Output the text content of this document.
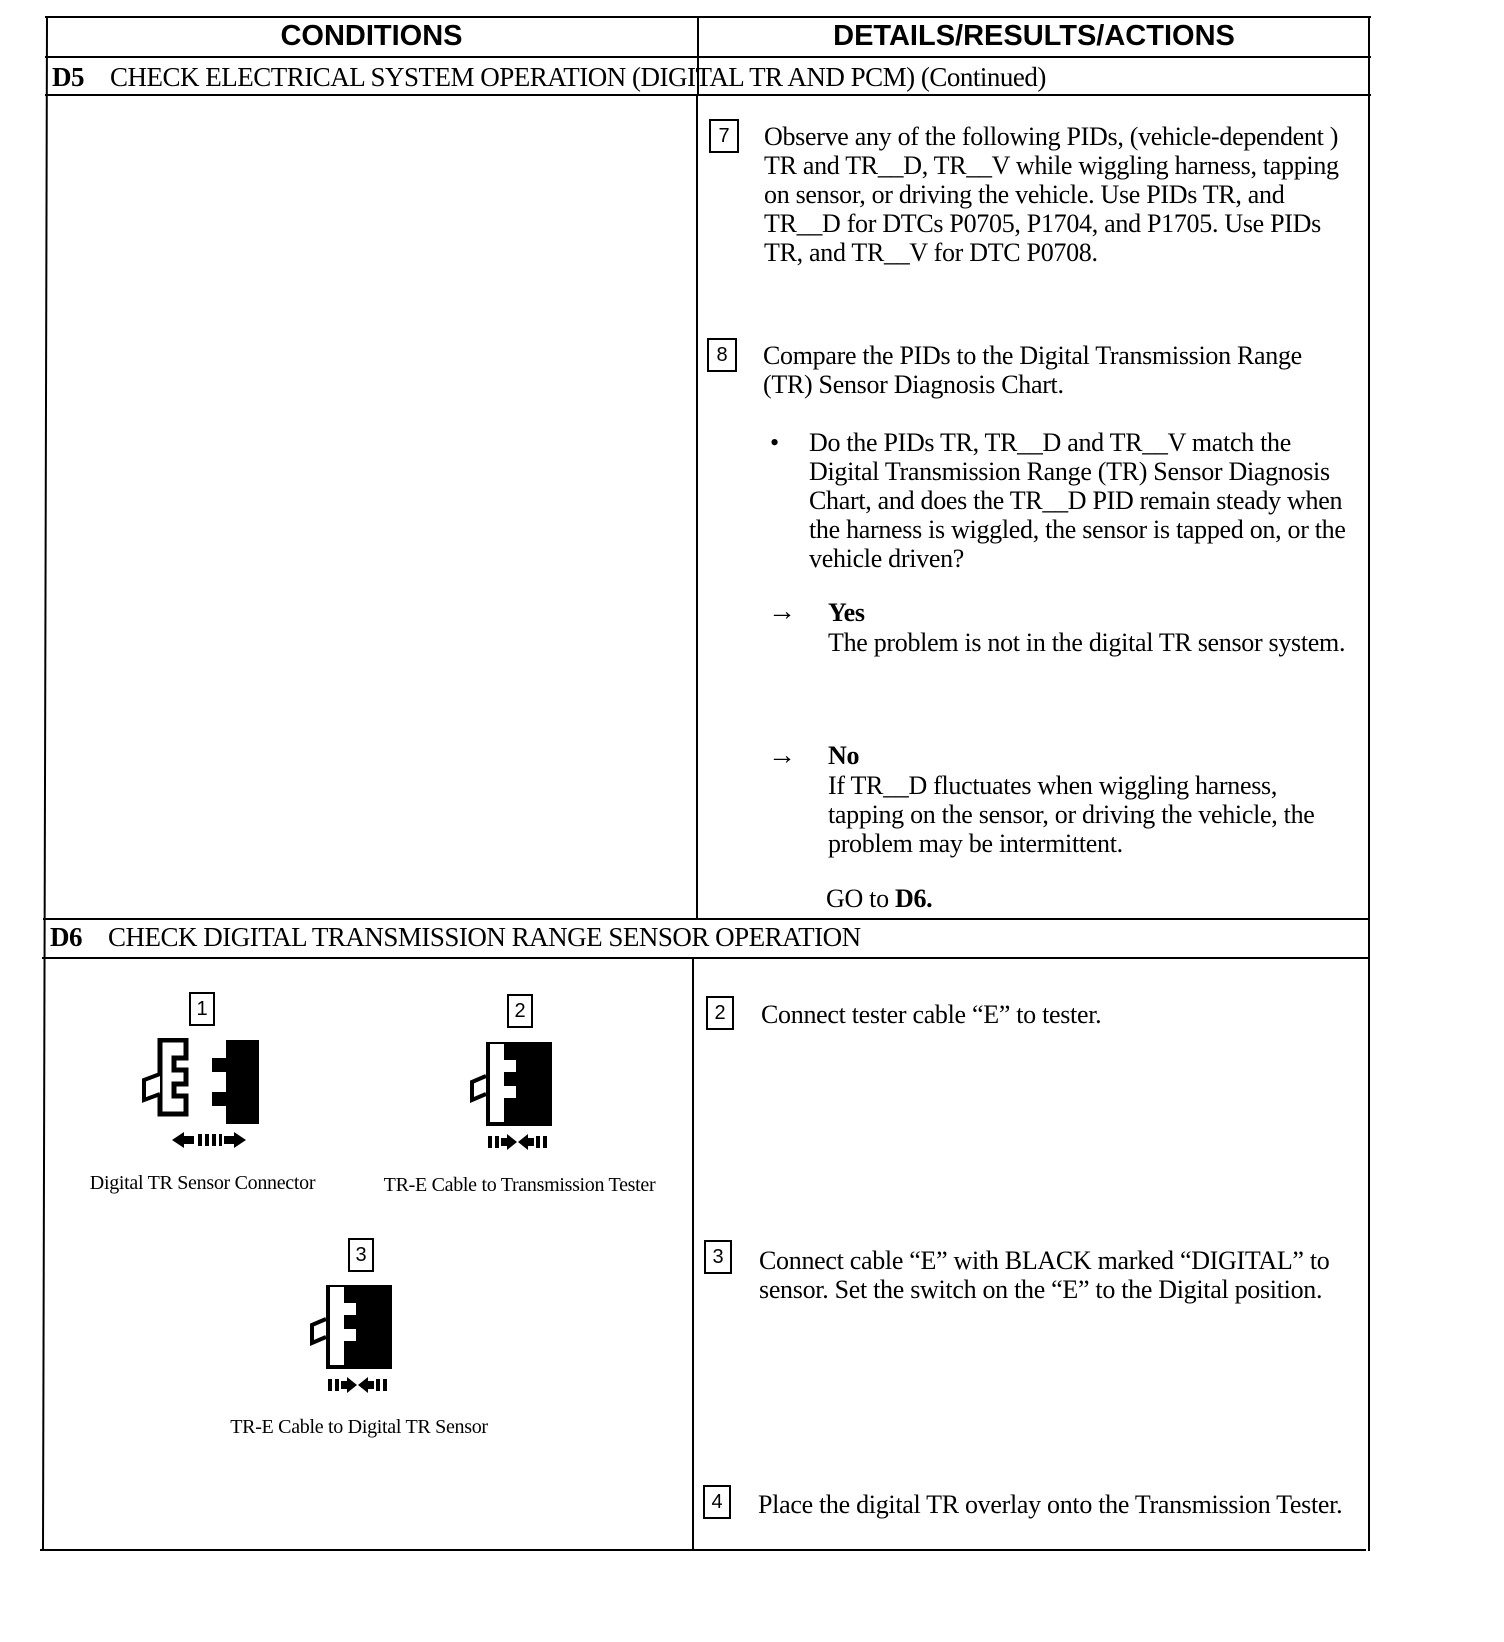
CONDITIONS	DETAILS/RESULTS/ACTIONS
D5 CHECK ELECTRICAL SYSTEM OPERATION (DIGITAL TR AND PCM) (Continued)
7	Observe any of the following PIDs, (vehicle-dependent ) TR and TR__D, TR__V while wiggling harness, tapping on sensor, or driving the vehicle. Use PIDs TR, and TR__D for DTCs P0705, P1704, and P1705. Use PIDs TR, and TR__V for DTC P0708.
8	Compare the PIDs to the Digital Transmission Range (TR) Sensor Diagnosis Chart.
• Do the PIDs TR, TR__D and TR__V match the Digital Transmission Range (TR) Sensor Diagnosis Chart, and does the TR__D PID remain steady when the harness is wiggled, the sensor is tapped on, or the vehicle driven?
→ Yes
The problem is not in the digital TR sensor system.
→ No
If TR__D fluctuates when wiggling harness, tapping on the sensor, or driving the vehicle, the problem may be intermittent.
GO to D6.
D6 CHECK DIGITAL TRANSMISSION RANGE SENSOR OPERATION
1
Digital TR Sensor Connector
2
TR-E Cable to Transmission Tester
3
TR-E Cable to Digital TR Sensor
2	Connect tester cable “E” to tester.
3	Connect cable “E” with BLACK marked “DIGITAL” to sensor. Set the switch on the “E” to the Digital position.
4	Place the digital TR overlay onto the Transmission Tester.
